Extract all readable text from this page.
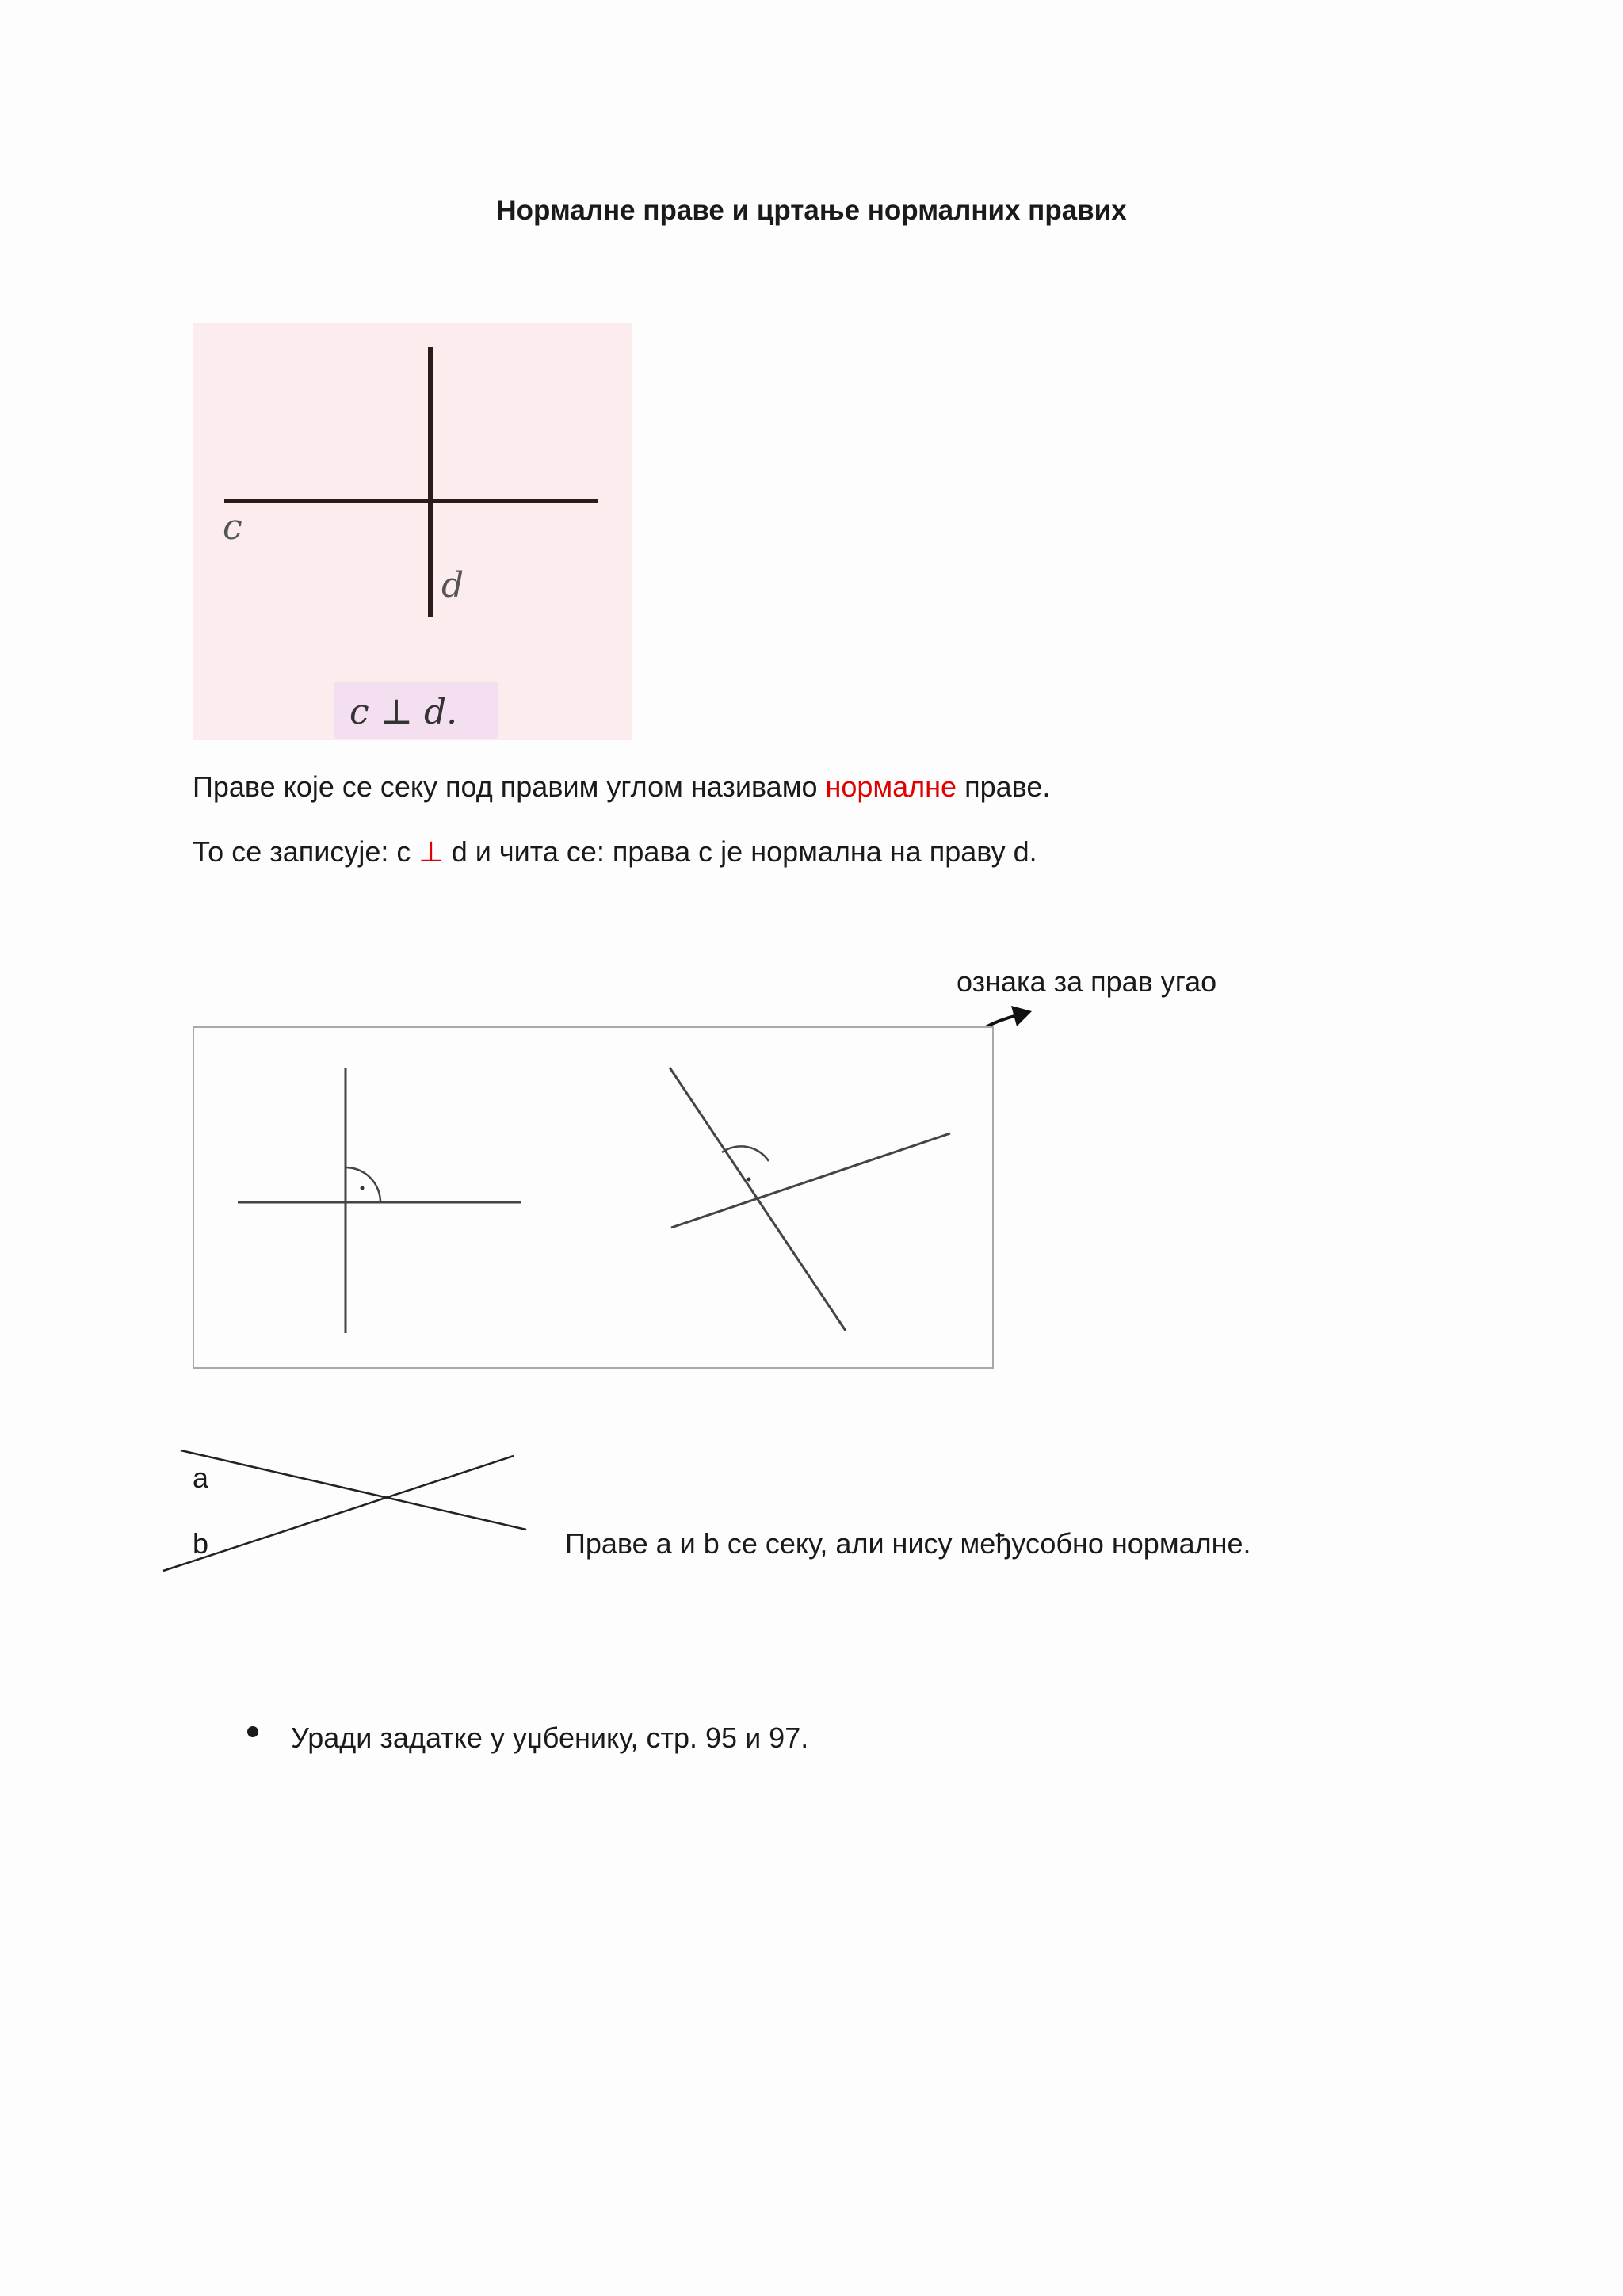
Нормалне праве и цртање нормалних правих
c
d
c ⊥ d.
Праве које се секу под правим углом називамо нормалне праве.
То се записује: c ⊥ d и чита се: права c је нормална на праву d.
ознака за прав угао
a
b	Праве a и b се секу, али нису међусобно нормалне.
Уради задатке у уџбенику, стр. 95 и 97.
